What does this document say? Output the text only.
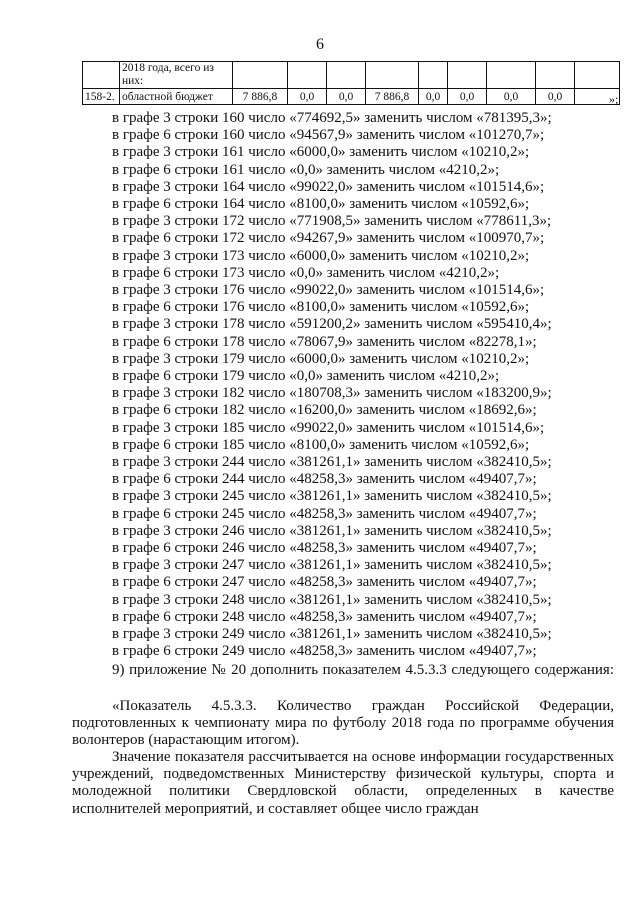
6
	2018 года, всего из них:									
158-2.	областной бюджет	7 886,8	0,0	0,0	7 886,8	0,0	0,0	0,0	0,0		»;
в графе 3 строки 160 число «774692,5» заменить числом «781395,3»;
в графе 6 строки 160 число «94567,9» заменить числом «101270,7»;
в графе 3 строки 161 число «6000,0» заменить числом «10210,2»;
в графе 6 строки 161 число «0,0» заменить числом «4210,2»;
в графе 3 строки 164 число «99022,0» заменить числом «101514,6»;
в графе 6 строки 164 число «8100,0» заменить числом «10592,6»;
в графе 3 строки 172 число «771908,5» заменить числом «778611,3»;
в графе 6 строки 172 число «94267,9» заменить числом «100970,7»;
в графе 3 строки 173 число «6000,0» заменить числом «10210,2»;
в графе 6 строки 173 число «0,0» заменить числом «4210,2»;
в графе 3 строки 176 число «99022,0» заменить числом «101514,6»;
в графе 6 строки 176 число «8100,0» заменить числом «10592,6»;
в графе 3 строки 178 число «591200,2» заменить числом «595410,4»;
в графе 6 строки 178 число «78067,9» заменить числом «82278,1»;
в графе 3 строки 179 число «6000,0» заменить числом «10210,2»;
в графе 6 строки 179 число «0,0» заменить числом «4210,2»;
в графе 3 строки 182 число «180708,3» заменить числом «183200,9»;
в графе 6 строки 182 число «16200,0» заменить числом «18692,6»;
в графе 3 строки 185 число «99022,0» заменить числом «101514,6»;
в графе 6 строки 185 число «8100,0» заменить числом «10592,6»;
в графе 3 строки 244 число «381261,1» заменить числом «382410,5»;
в графе 6 строки 244 число «48258,3» заменить числом «49407,7»;
в графе 3 строки 245 число «381261,1» заменить числом «382410,5»;
в графе 6 строки 245 число «48258,3» заменить числом «49407,7»;
в графе 3 строки 246 число «381261,1» заменить числом «382410,5»;
в графе 6 строки 246 число «48258,3» заменить числом «49407,7»;
в графе 3 строки 247 число «381261,1» заменить числом «382410,5»;
в графе 6 строки 247 число «48258,3» заменить числом «49407,7»;
в графе 3 строки 248 число «381261,1» заменить числом «382410,5»;
в графе 6 строки 248 число «48258,3» заменить числом «49407,7»;
в графе 3 строки 249 число «381261,1» заменить числом «382410,5»;
в графе 6 строки 249 число «48258,3» заменить числом «49407,7»;
9) приложение № 20 дополнить показателем 4.5.3.3 следующего содержания:
«Показатель 4.5.3.3. Количество граждан Российской Федерации, подготовленных к чемпионату мира по футболу 2018 года по программе обучения волонтеров (нарастающим итогом).
Значение показателя рассчитывается на основе информации государственных учреждений, подведомственных Министерству физической культуры, спорта и молодежной политики Свердловской области, определенных в качестве исполнителей мероприятий, и составляет общее число граждан
